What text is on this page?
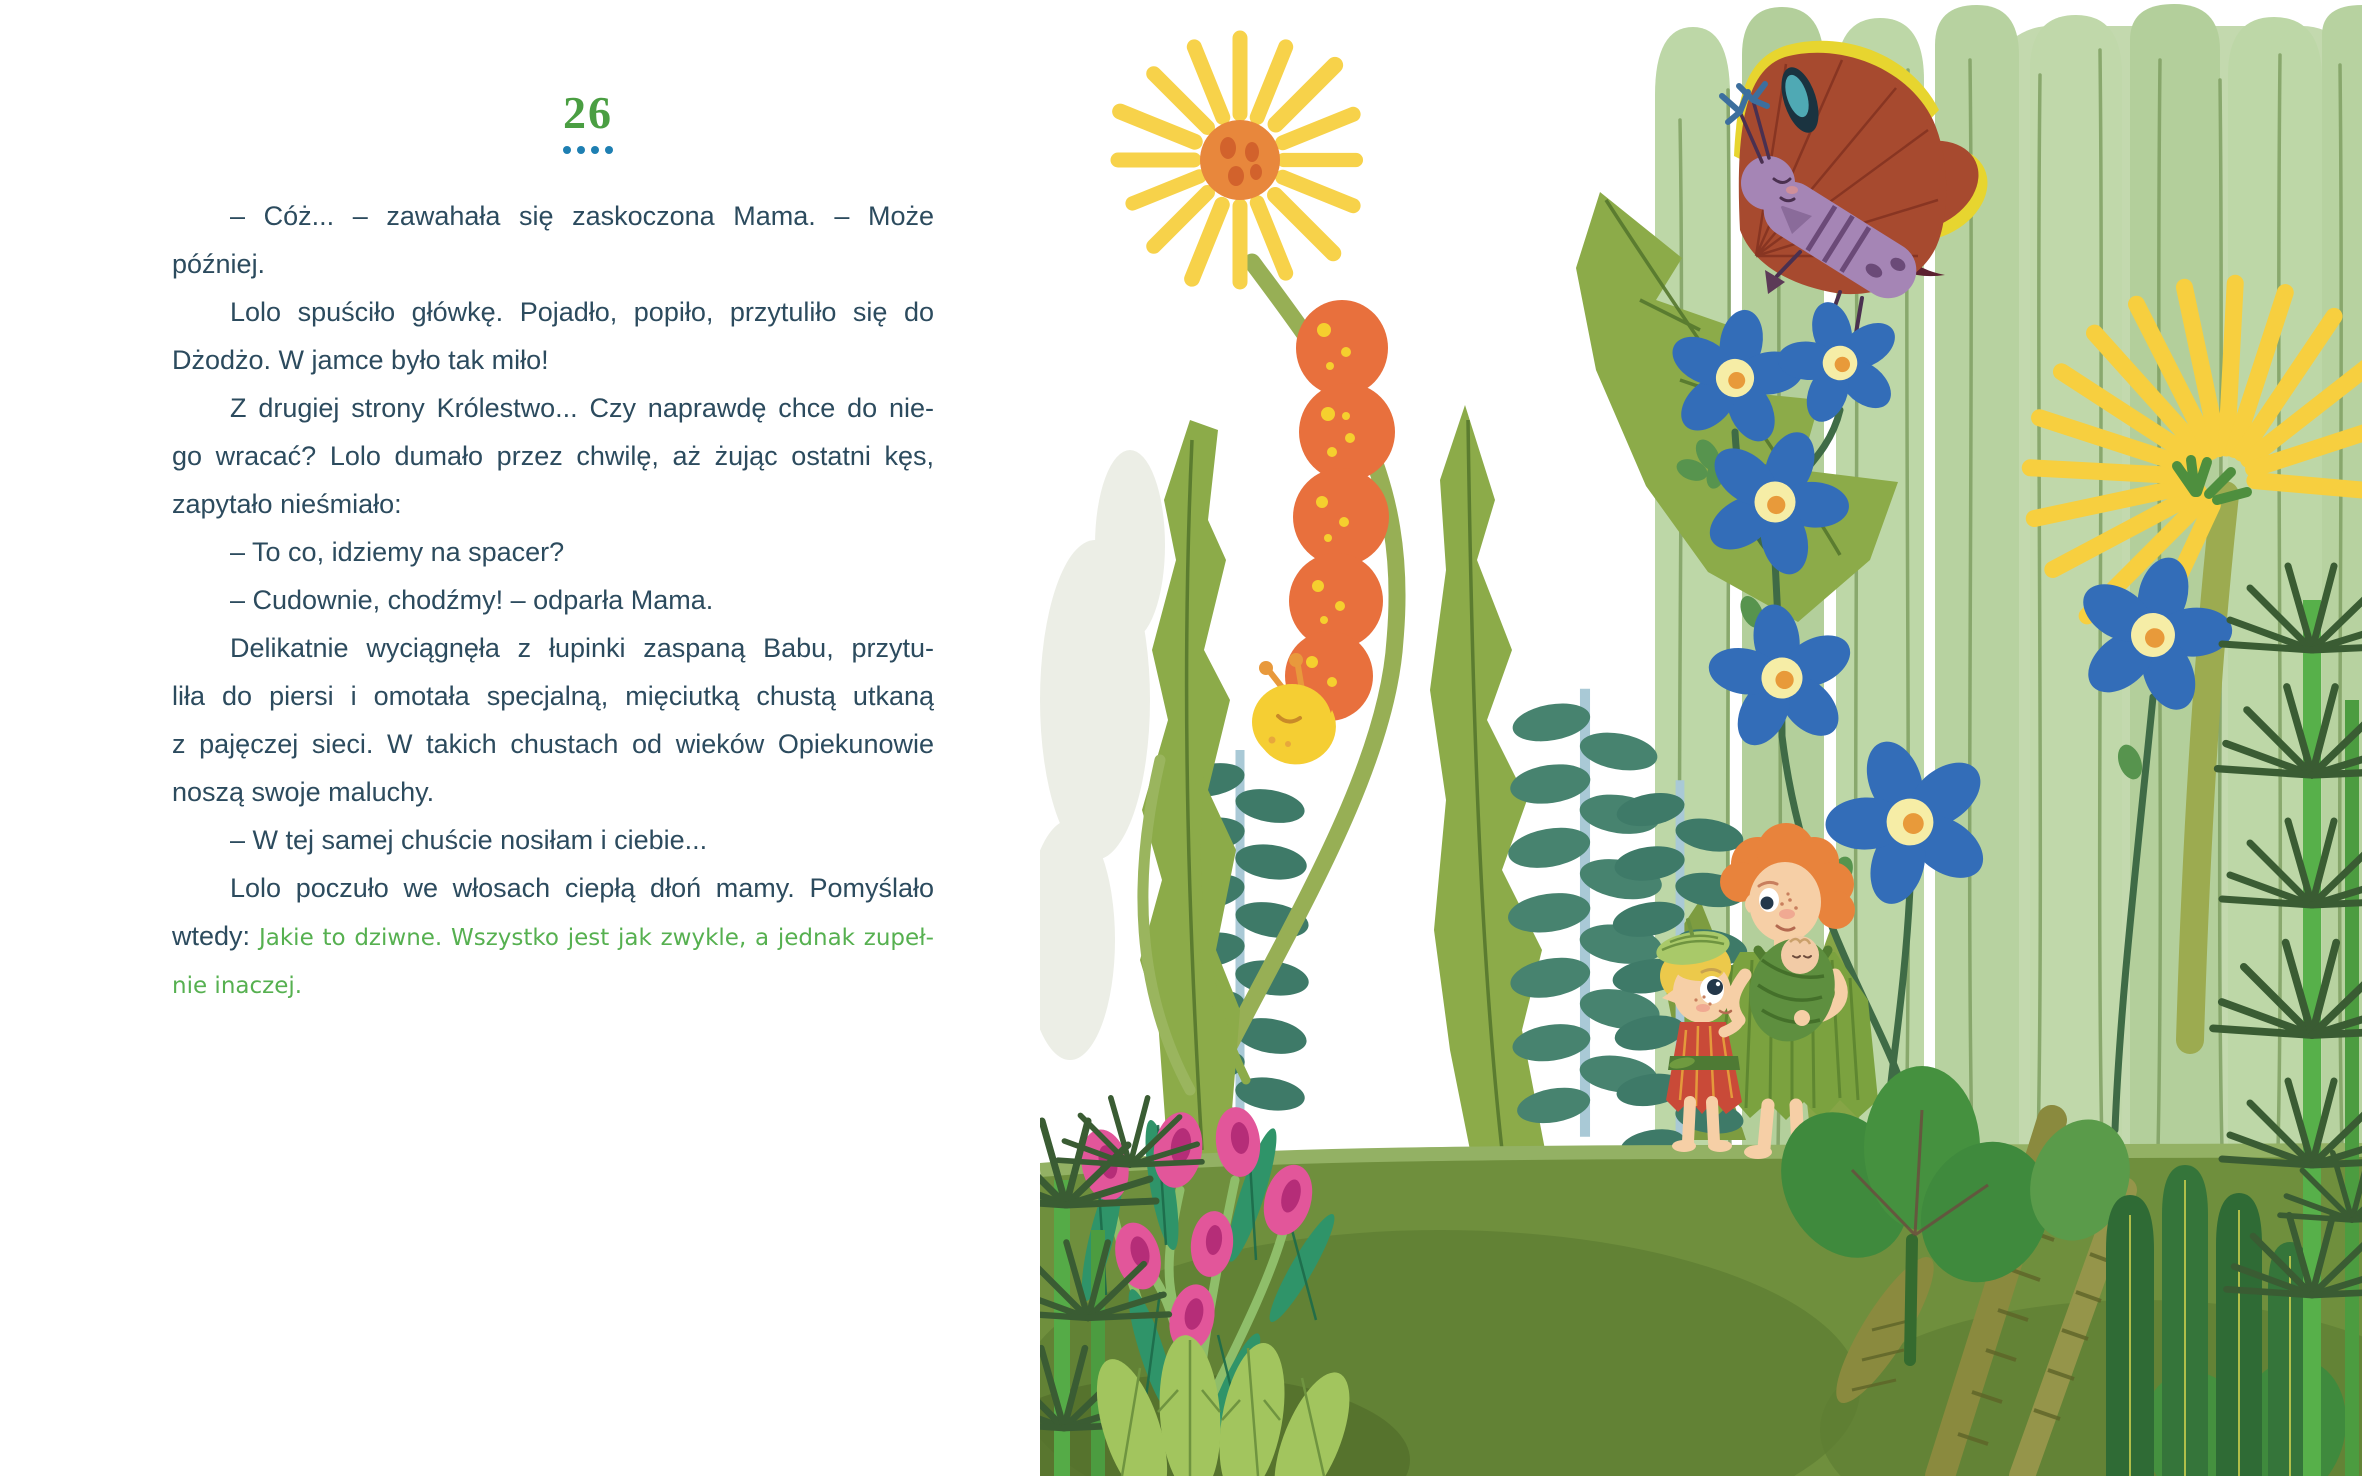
26
– Cóż... – zawahała się zaskoczona Mama. – Może
później.
Lolo spuściło główkę. Pojadło, popiło, przytuliło się do
Dżodżo. W jamce było tak miło!
Z drugiej strony Królestwo... Czy naprawdę chce do nie-
go wracać? Lolo dumało przez chwilę, aż żując ostatni kęs,
zapytało nieśmiało:
– To co, idziemy na spacer?
– Cudownie, chodźmy! – odparła Mama.
Delikatnie wyciągnęła z łupinki zaspaną Babu, przytu-
liła do piersi i omotała specjalną, mięciutką chustą utkaną
z pajęczej sieci. W takich chustach od wieków Opiekunowie
noszą swoje maluchy.
– W tej samej chuście nosiłam i ciebie...
Lolo poczuło we włosach ciepłą dłoń mamy. Pomyślało
wtedy: Jakie to dziwne. Wszystko jest jak zwykle, a jednak zupeł-
nie inaczej.
